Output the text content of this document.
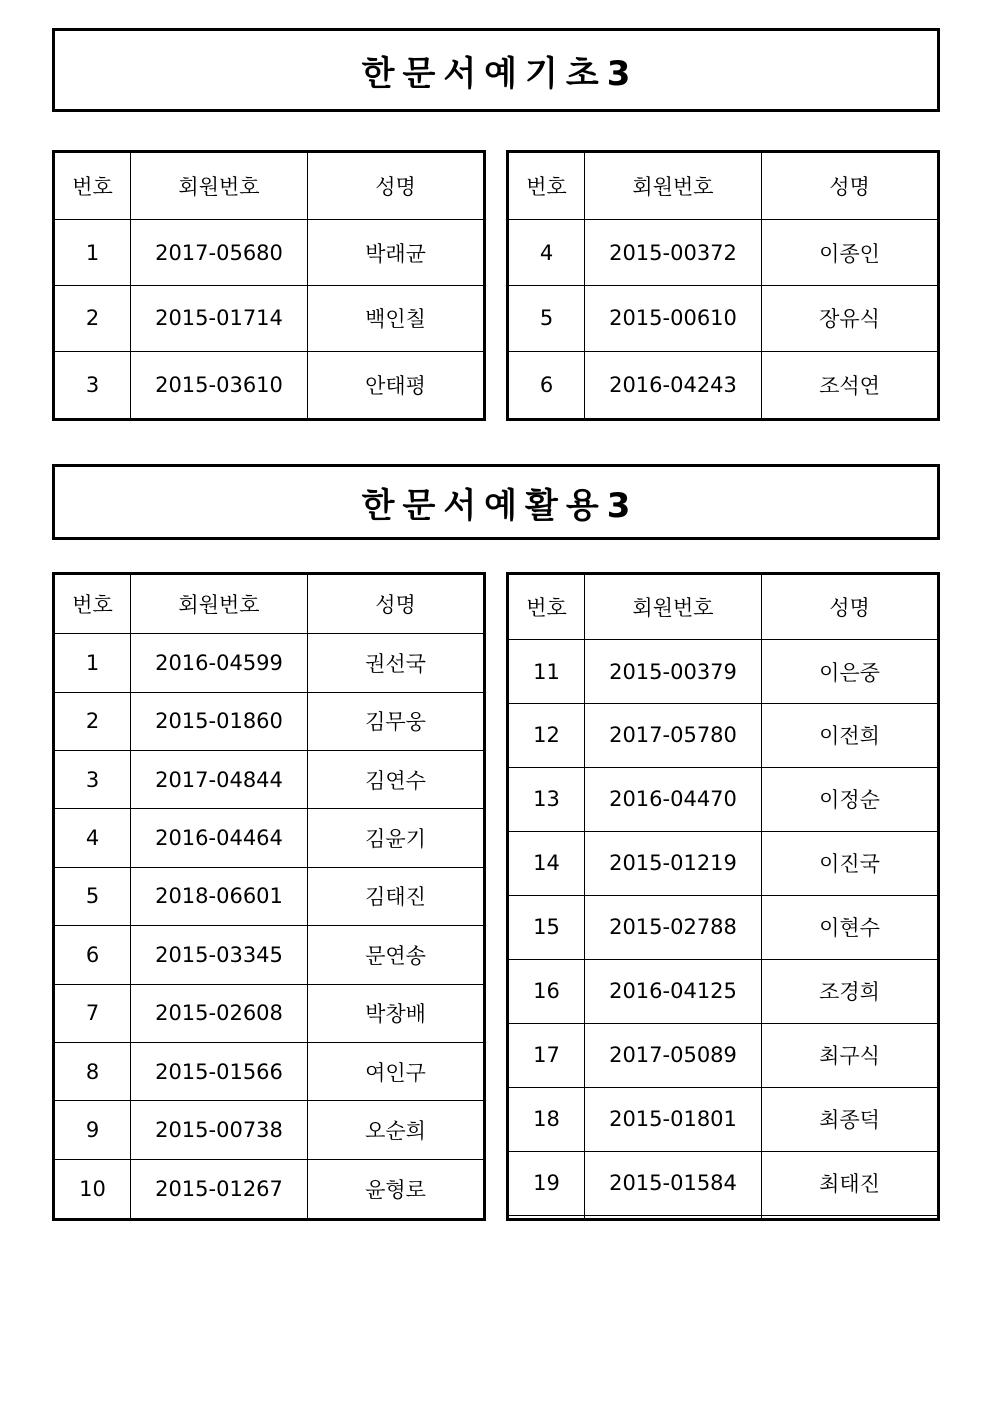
한문서예기초3
번호	회원번호	성명
1	2017-05680	박래균
2	2015-01714	백인칠
3	2015-03610	안태평
번호	회원번호	성명
4	2015-00372	이종인
5	2015-00610	장유식
6	2016-04243	조석연
한문서예활용3
번호	회원번호	성명
1	2016-04599	권선국
2	2015-01860	김무웅
3	2017-04844	김연수
4	2016-04464	김윤기
5	2018-06601	김태진
6	2015-03345	문연송
7	2015-02608	박창배
8	2015-01566	여인구
9	2015-00738	오순희
10	2015-01267	윤형로
번호	회원번호	성명
11	2015-00379	이은중
12	2017-05780	이전희
13	2016-04470	이정순
14	2015-01219	이진국
15	2015-02788	이현수
16	2016-04125	조경희
17	2017-05089	최구식
18	2015-01801	최종덕
19	2015-01584	최태진
